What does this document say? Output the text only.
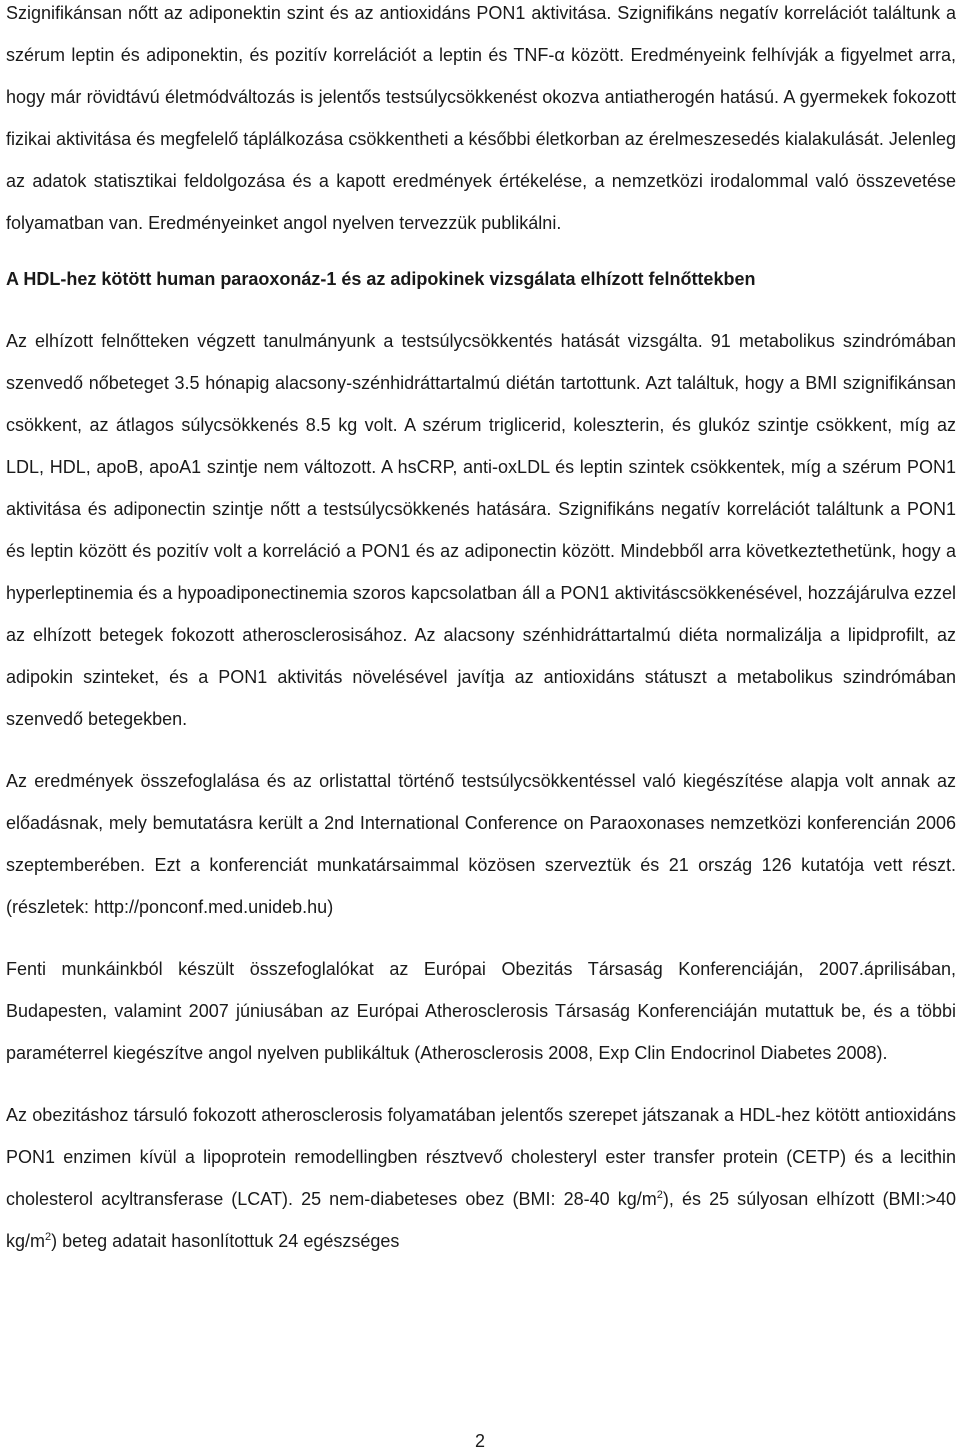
Szignifikánsan nőtt az adiponektin szint és az antioxidáns PON1 aktivitása. Szignifikáns negatív korrelációt találtunk a szérum leptin és adiponektin, és pozitív korrelációt a leptin és TNF-α között. Eredményeink felhívják a figyelmet arra, hogy már rövidtávú életmódváltozás is jelentős testsúlycsökkenést okozva antiatherogén hatású. A gyermekek fokozott fizikai aktivitása és megfelelő táplálkozása csökkentheti a későbbi életkorban az érelmeszesedés kialakulását. Jelenleg az adatok statisztikai feldolgozása és a kapott eredmények értékelése, a nemzetközi irodalommal való összevetése folyamatban van. Eredményeinket angol nyelven tervezzük publikálni.

A HDL-hez kötött human paraoxonáz-1 és az adipokinek vizsgálata elhízott felnőttekben

Az elhízott felnőtteken végzett tanulmányunk a testsúlycsökkentés hatását vizsgálta. 91 metabolikus szindrómában szenvedő nőbeteget 3.5 hónapig alacsony-szénhidráttartalmú diétán tartottunk. Azt találtuk, hogy a BMI szignifikánsan csökkent, az átlagos súlycsökkenés 8.5 kg volt. A szérum triglicerid, koleszterin, és glukóz szintje csökkent, míg az LDL, HDL, apoB, apoA1 szintje nem változott. A hsCRP, anti-oxLDL és leptin szintek csökkentek, míg a szérum PON1 aktivitása és adiponectin szintje nőtt a testsúlycsökkenés hatására. Szignifikáns negatív korrelációt találtunk a PON1 és leptin között és pozitív volt a korreláció a PON1 és az adiponectin között. Mindebből arra következtethetünk, hogy a hyperleptinemia és a hypoadiponectinemia szoros kapcsolatban áll a PON1 aktivitáscsökkenésével, hozzájárulva ezzel az elhízott betegek fokozott atherosclerosisához. Az alacsony szénhidráttartalmú diéta normalizálja a lipidprofilt, az adipokin szinteket, és a PON1 aktivitás növelésével javítja az antioxidáns státuszt a metabolikus szindrómában szenvedő betegekben.

Az eredmények összefoglalása és az orlistattal történő testsúlycsökkentéssel való kiegészítése alapja volt annak az előadásnak, mely bemutatásra került a 2nd International Conference on Paraoxonases nemzetközi konferencián 2006 szeptemberében. Ezt a konferenciát munkatársaimmal közösen szerveztük és 21 ország 126 kutatója vett részt. (részletek: http://ponconf.med.unideb.hu)

Fenti munkáinkból készült összefoglalókat az Európai Obezitás Társaság Konferenciáján, 2007.áprilisában, Budapesten, valamint 2007 júniusában az Európai Atherosclerosis Társaság Konferenciáján mutattuk be, és a többi paraméterrel kiegészítve angol nyelven publikáltuk (Atherosclerosis 2008, Exp Clin Endocrinol Diabetes 2008).

Az obezitáshoz társuló fokozott atherosclerosis folyamatában jelentős szerepet játszanak a HDL-hez kötött antioxidáns PON1 enzimen kívül a lipoprotein remodellingben résztvevő cholesteryl ester transfer protein (CETP) és a lecithin cholesterol acyltransferase (LCAT). 25 nem-diabeteses obez (BMI: 28-40 $kg/m^2$), és 25 súlyosan elhízott (BMI:>40 $kg/m^2$) beteg adatait hasonlítottuk 24 egészséges

2
